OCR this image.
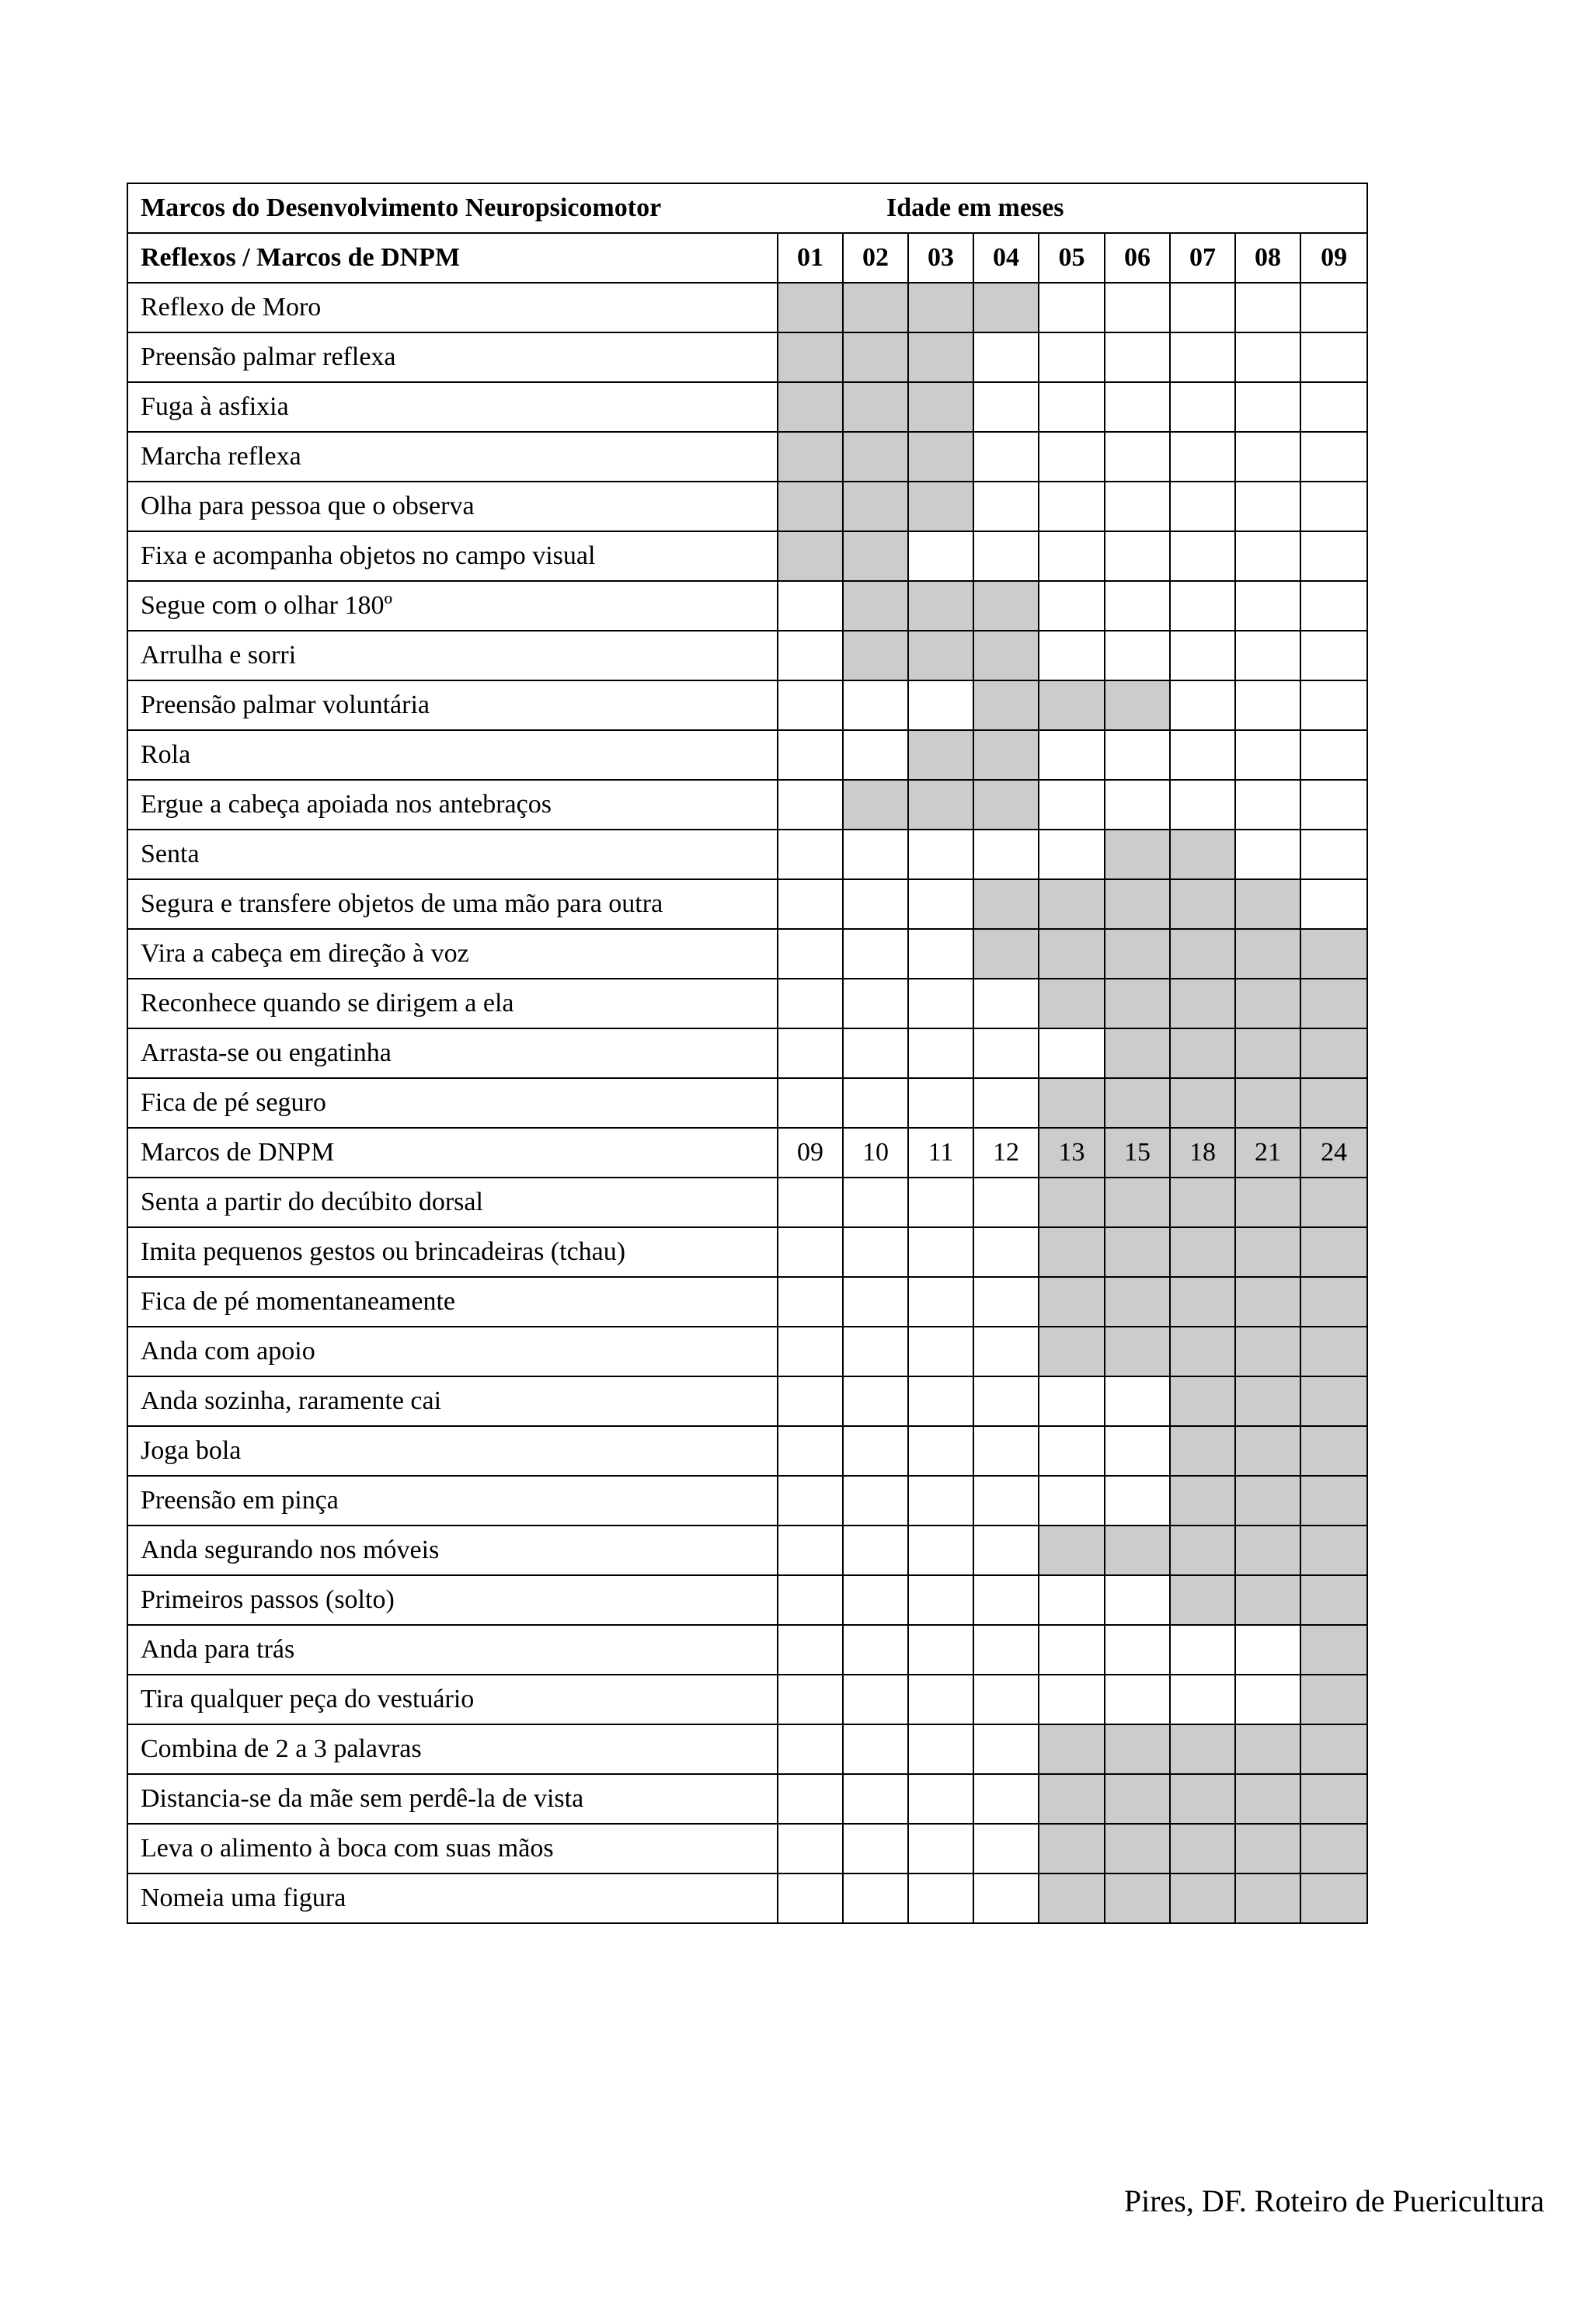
Marcos do Desenvolvimento Neuropsicomotor Idade em meses									
Reflexos / Marcos de DNPM	01	02	03	04	05	06	07	08	09
Reflexo de Moro									
Preensão palmar reflexa									
Fuga à asfixia									
Marcha reflexa									
Olha para pessoa que o observa									
Fixa e acompanha objetos no campo visual									
Segue com o olhar 180º									
Arrulha e sorri									
Preensão palmar voluntária									
Rola									
Ergue a cabeça apoiada nos antebraços									
Senta									
Segura e transfere objetos de uma mão para outra									
Vira a cabeça em direção à voz									
Reconhece quando se dirigem a ela									
Arrasta-se ou engatinha									
Fica de pé seguro									
Marcos de DNPM	09	10	11	12	13	15	18	21	24
Senta a partir do decúbito dorsal									
Imita pequenos gestos ou brincadeiras (tchau)									
Fica de pé momentaneamente									
Anda com apoio									
Anda sozinha, raramente cai									
Joga bola									
Preensão em pinça									
Anda segurando nos móveis									
Primeiros passos (solto)									
Anda para trás									
Tira qualquer peça do vestuário									
Combina de 2 a 3 palavras									
Distancia-se da mãe sem perdê-la de vista									
Leva o alimento à boca com suas mãos									
Nomeia uma figura									
Pires, DF. Roteiro de Puericultura
